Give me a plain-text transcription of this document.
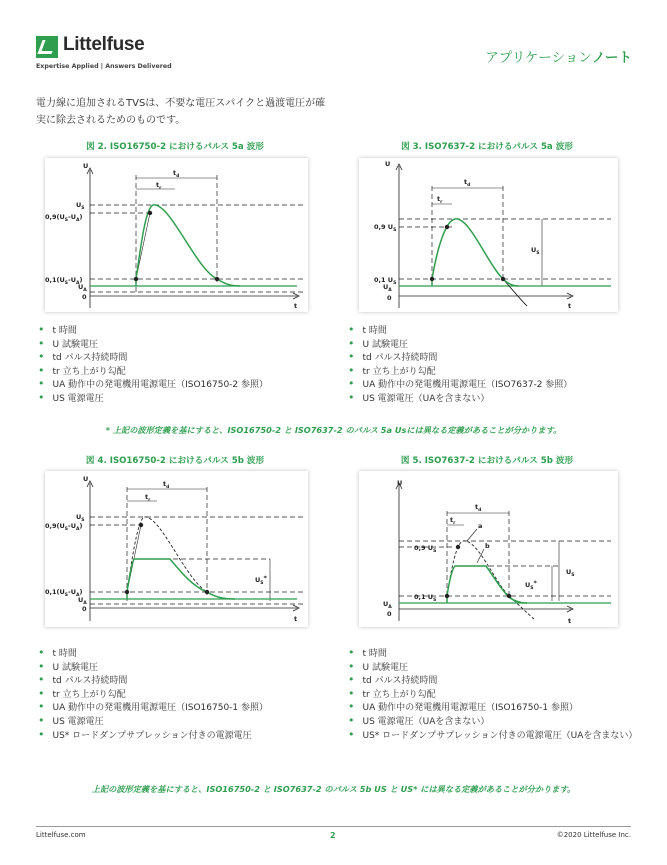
Littelfuse
Expertise Applied | Answers Delivered
アプリケーションノート
電力線に追加されるTVSは、不要な電圧スパイクと過渡電圧が確実に除去されるためのものです。
図 2. ISO16750-2 におけるパルス 5a 波形	図 3. ISO7637-2 におけるパルス 5a 波形
U
$U_S$
$0,9(U_S-U_A)$
$0,1(U_S-U_A)$
$U_A$
0
t
$t_d$
$t_r$
U
0,9 $U_S$
0,1 $U_S$
$U_A$
0
t
$t_d$
$t_r$
$U_S$
• t 時間
• U 試験電圧
• td パルス持続時間
• tr 立ち上がり勾配
• UA 動作中の発電機用電源電圧（ISO16750-2 参照）
• US 電源電圧
• t 時間
• U 試験電圧
• td パルス持続時間
• tr 立ち上がり勾配
• UA 動作中の発電機用電源電圧（ISO7637-2 参照）
• US 電源電圧（UAを含まない）
* 上記の波形定義を基にすると、ISO16750-2 と ISO7637-2 のパルス 5a Usには異なる定義があることが分かります。
図 4. ISO16750-2 におけるパルス 5b 波形	図 5. ISO7637-2 におけるパルス 5b 波形
U
$U_S$
$0,9(U_S-U_A)$
$0,1(U_S-U_A)$
$U_A$
0
t
$t_d$
$t_r$
$U_S*$
U
0,9 $U_S$
0,1 $U_S$
$U_A$
0
t
$t_d$
$t_r$
$U_S$
$U_S*$
a
b
• t 時間
• U 試験電圧
• td パルス持続時間
• tr 立ち上がり勾配
• UA 動作中の発電機用電源電圧（ISO16750-1 参照）
• US 電源電圧
• US* ロードダンプサプレッション付きの電源電圧
• t 時間
• U 試験電圧
• td パルス持続時間
• tr 立ち上がり勾配
• UA 動作中の発電機用電源電圧（ISO16750-1 参照）
• US 電源電圧（UAを含まない）
• US* ロードダンプサプレッション付きの電源電圧（UAを含まない）
上記の波形定義を基にすると、ISO16750-2 と ISO7637-2 のパルス 5b US と US* には異なる定義があることが分かります。
Littelfuse.com	2	©2020 Littelfuse Inc.
